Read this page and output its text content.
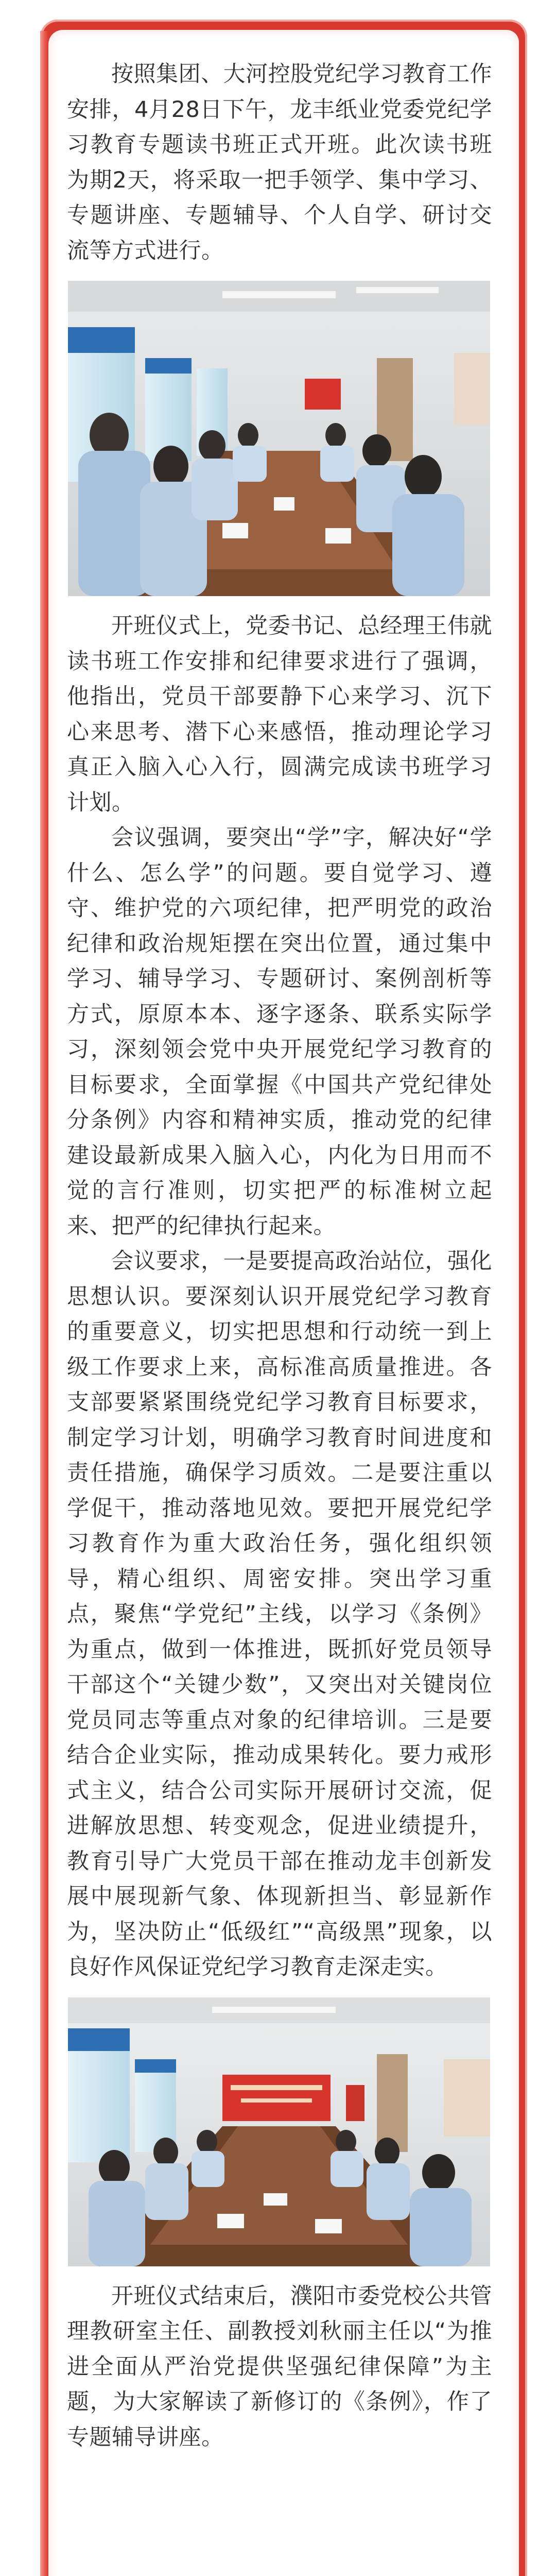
按照集团、大河控股党纪学习教育工作安排，4月28日下午，龙丰纸业党委党纪学习教育专题读书班正式开班。此次读书班为期2天，将采取一把手领学、集中学习、专题讲座、专题辅导、个人自学、研讨交流等方式进行。

开班仪式上，党委书记、总经理王伟就读书班工作安排和纪律要求进行了强调，他指出，党员干部要静下心来学习、沉下心来思考、潜下心来感悟，推动理论学习真正入脑入心入行，圆满完成读书班学习计划。

会议强调，要突出“学”字，解决好“学什么、怎么学”的问题。要自觉学习、遵守、维护党的六项纪律，把严明党的政治纪律和政治规矩摆在突出位置，通过集中学习、辅导学习、专题研讨、案例剖析等方式，原原本本、逐字逐条、联系实际学习，深刻领会党中央开展党纪学习教育的目标要求，全面掌握《中国共产党纪律处分条例》内容和精神实质，推动党的纪律建设最新成果入脑入心，内化为日用而不觉的言行准则，切实把严的标准树立起来、把严的纪律执行起来。

会议要求，一是要提高政治站位，强化思想认识。要深刻认识开展党纪学习教育的重要意义，切实把思想和行动统一到上级工作要求上来，高标准高质量推进。各支部要紧紧围绕党纪学习教育目标要求，制定学习计划，明确学习教育时间进度和责任措施，确保学习质效。二是要注重以学促干，推动落地见效。要把开展党纪学习教育作为重大政治任务，强化组织领导，精心组织、周密安排。突出学习重点，聚焦“学党纪”主线，以学习《条例》为重点，做到一体推进，既抓好党员领导干部这个“关键少数”，又突出对关键岗位党员同志等重点对象的纪律培训。三是要结合企业实际，推动成果转化。要力戒形式主义，结合公司实际开展研讨交流，促进解放思想、转变观念，促进业绩提升，教育引导广大党员干部在推动龙丰创新发展中展现新气象、体现新担当、彰显新作为，坚决防止“低级红”“高级黑”现象，以良好作风保证党纪学习教育走深走实。

开班仪式结束后，濮阳市委党校公共管理教研室主任、副教授刘秋丽主任以“为推进全面从严治党提供坚强纪律保障”为主题，为大家解读了新修订的《条例》，作了专题辅导讲座。
